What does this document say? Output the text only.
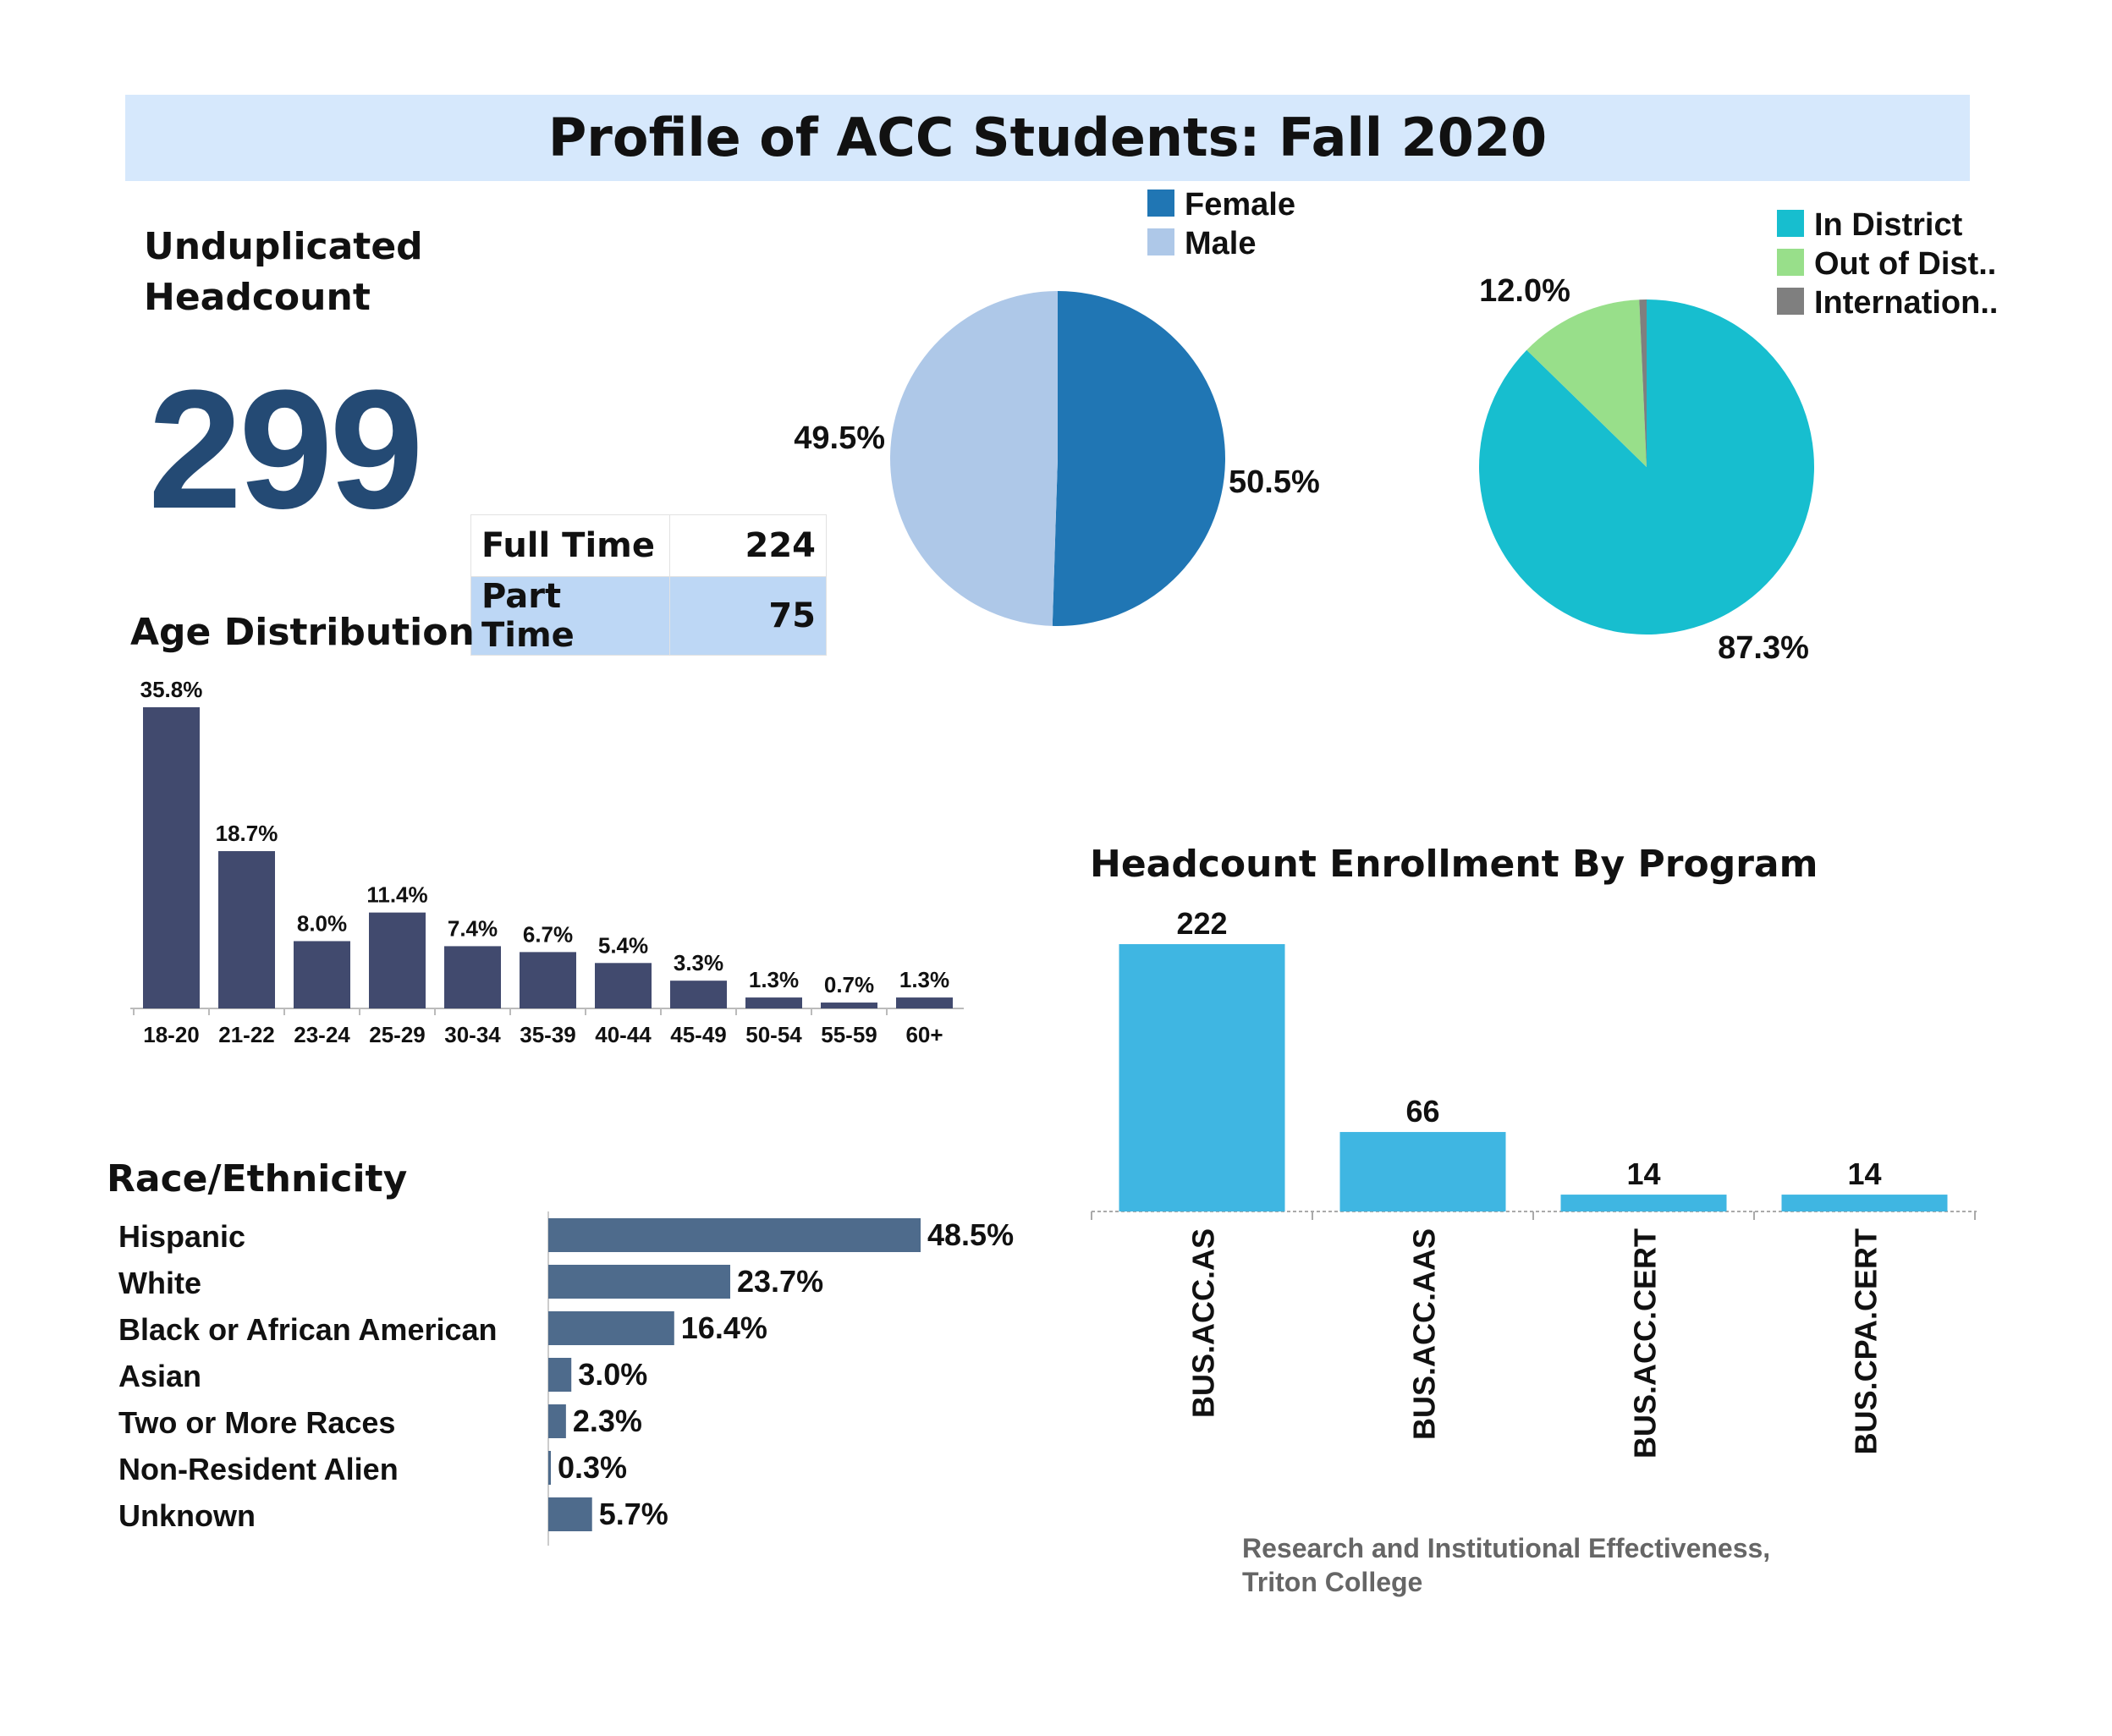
Profile of ACC Students: Fall 2020
Unduplicated
Headcount
299
Full Time	224
Part Time	75
Age Distribution
Race/Ethnicity
Headcount Enrollment By Program
Female
Male
50.5%
49.5%
In District
Out of Dist..
Internation..
87.3%
12.0%
35.8%
18-20
18.7%
21-22
8.0%
23-24
11.4%
25-29
7.4%
30-34
6.7%
35-39
5.4%
40-44
3.3%
45-49
1.3%
50-54
0.7%
55-59
1.3%
60+
48.5%
Hispanic
23.7%
White
16.4%
Black or African American
3.0%
Asian
2.3%
Two or More Races
0.3%
Non-Resident Alien
5.7%
Unknown
222
BUS.ACC.AS
66
BUS.ACC.AAS
14
BUS.ACC.CERT
14
BUS.CPA.CERT
Research and Institutional Effectiveness,
Triton College
